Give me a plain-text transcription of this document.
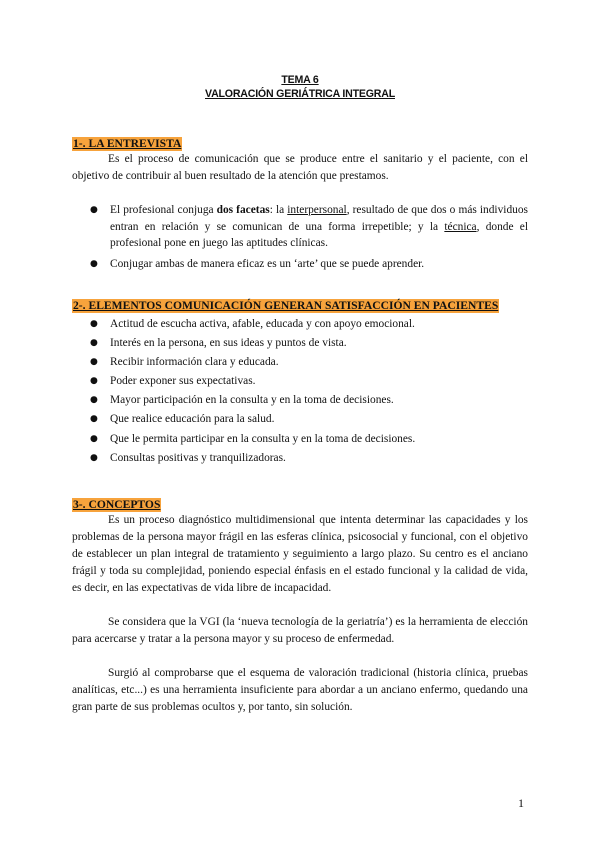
TEMA 6
VALORACIÓN GERIÁTRICA INTEGRAL
1-. LA ENTREVISTA

Es el proceso de comunicación que se produce entre el sanitario y el paciente, con el objetivo de contribuir al buen resultado de la atención que prestamos.

● El profesional conjuga dos facetas: la interpersonal, resultado de que dos o más individuos entran en relación y se comunican de una forma irrepetible; y la técnica, donde el profesional pone en juego las aptitudes clínicas.
● Conjugar ambas de manera eficaz es un ‘arte’ que se puede aprender.
2-. ELEMENTOS COMUNICACIÓN GENERAN SATISFACCIÓN EN PACIENTES
● Actitud de escucha activa, afable, educada y con apoyo emocional.
● Interés en la persona, en sus ideas y puntos de vista.
● Recibir información clara y educada.
● Poder exponer sus expectativas.
● Mayor participación en la consulta y en la toma de decisiones.
● Que realice educación para la salud.
● Que le permita participar en la consulta y en la toma de decisiones.
● Consultas positivas y tranquilizadoras.
3-. CONCEPTOS

Es un proceso diagnóstico multidimensional que intenta determinar las capacidades y los problemas de la persona mayor frágil en las esferas clínica, psicosocial y funcional, con el objetivo de establecer un plan integral de tratamiento y seguimiento a largo plazo. Su centro es el anciano frágil y toda su complejidad, poniendo especial énfasis en el estado funcional y la calidad de vida, es decir, en las expectativas de vida libre de incapacidad.

Se considera que la VGI (la ‘nueva tecnología de la geriatría’) es la herramienta de elección para acercarse y tratar a la persona mayor y su proceso de enfermedad.

Surgió al comprobarse que el esquema de valoración tradicional (historia clínica, pruebas analíticas, etc...) es una herramienta insuficiente para abordar a un anciano enfermo, quedando una gran parte de sus problemas ocultos y, por tanto, sin solución.

1
